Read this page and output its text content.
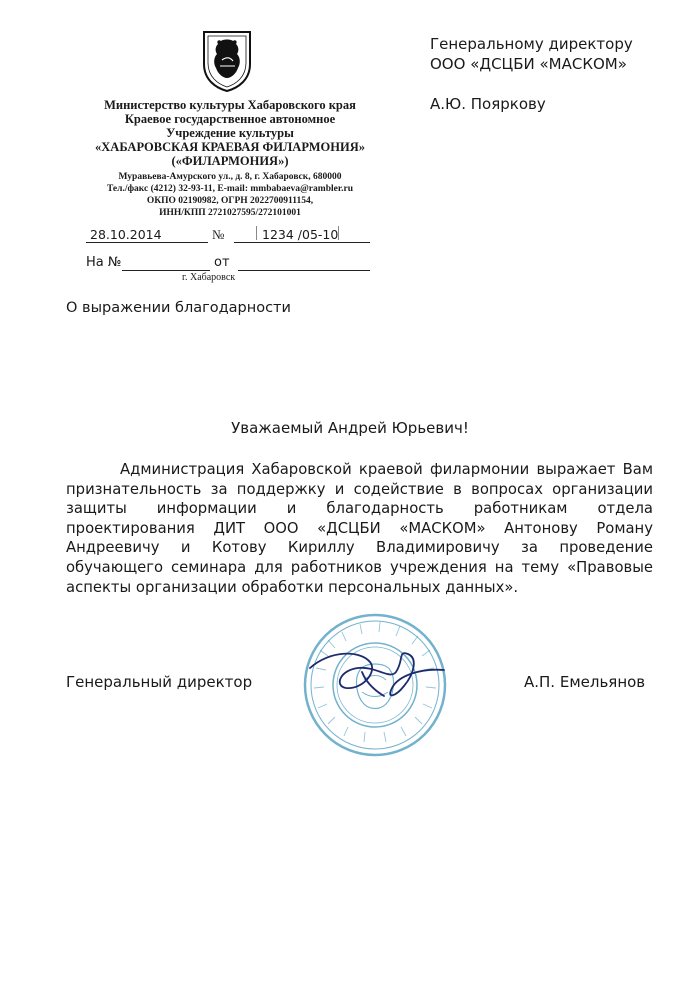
Министерство культуры Хабаровского края
Краевое государственное автономное
Учреждение культуры
«ХАБАРОВСКАЯ КРАЕВАЯ ФИЛАРМОНИЯ»
(«ФИЛАРМОНИЯ»)
Муравьева-Амурского ул., д. 8, г. Хабаровск, 680000
Тел./факс (4212) 32-93-11, E-mail: mmbabaeva@rambler.ru
ОКПО 02190982, ОГРН 2022700911154,
ИНН/КПП 2721027595/272101001
28.10.2014	№	1234 /05-10
На №	от
г. Хабаровск
Генеральному директору
ООО «ДСЦБИ «МАСКОМ»
А.Ю. Пояркову
О выражении благодарности
Уважаемый Андрей Юрьевич!

Администрация Хабаровской краевой филармонии выражает Вам признательность за поддержку и содействие в вопросах организации защиты информации и благодарность работникам отдела проектирования ДИТ ООО «ДСЦБИ «МАСКОМ» Антонову Роману Андреевичу и Котову Кириллу Владимировичу за проведение обучающего семинара для работников учреждения на тему «Правовые аспекты организации обработки персональных данных».

Генеральный директор	А.П. Емельянов
